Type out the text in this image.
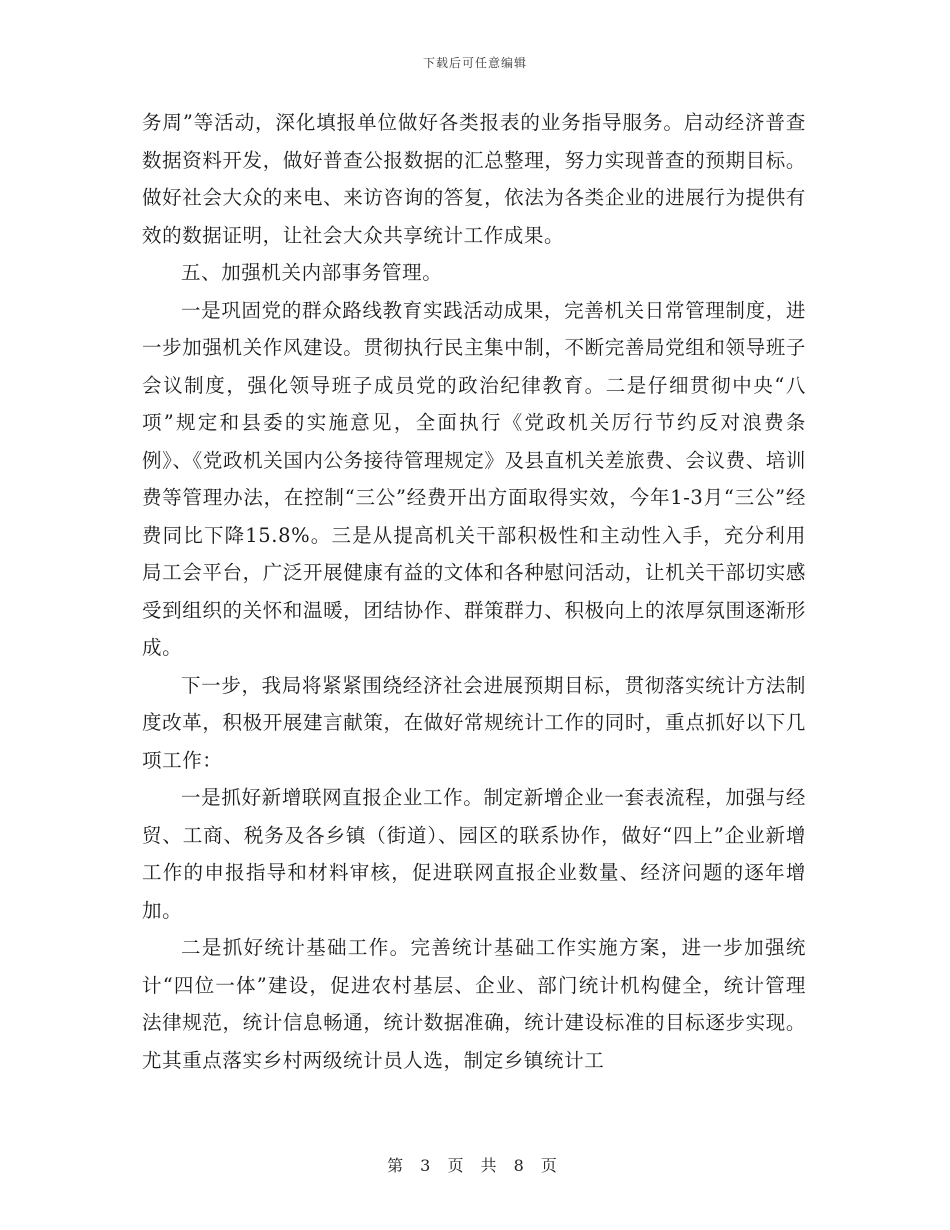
下载后可任意编辑

务周”等活动，深化填报单位做好各类报表的业务指导服务。启动经济普查数据资料开发，做好普查公报数据的汇总整理，努力实现普查的预期目标。做好社会大众的来电、来访咨询的答复，依法为各类企业的进展行为提供有效的数据证明，让社会大众共享统计工作成果。

五、加强机关内部事务管理。

一是巩固党的群众路线教育实践活动成果，完善机关日常管理制度，进一步加强机关作风建设。贯彻执行民主集中制，不断完善局党组和领导班子会议制度，强化领导班子成员党的政治纪律教育。二是仔细贯彻中央“八项”规定和县委的实施意见，全面执行《党政机关厉行节约反对浪费条例》、《党政机关国内公务接待管理规定》及县直机关差旅费、会议费、培训费等管理办法，在控制“三公”经费开出方面取得实效，今年1-3月“三公”经费同比下降15.8%。三是从提高机关干部积极性和主动性入手，充分利用局工会平台，广泛开展健康有益的文体和各种慰问活动，让机关干部切实感受到组织的关怀和温暖，团结协作、群策群力、积极向上的浓厚氛围逐渐形成。

下一步，我局将紧紧围绕经济社会进展预期目标，贯彻落实统计方法制度改革，积极开展建言献策，在做好常规统计工作的同时，重点抓好以下几项工作：

一是抓好新增联网直报企业工作。制定新增企业一套表流程，加强与经贸、工商、税务及各乡镇（街道）、园区的联系协作，做好“四上”企业新增工作的申报指导和材料审核，促进联网直报企业数量、经济问题的逐年增加。

二是抓好统计基础工作。完善统计基础工作实施方案，进一步加强统计“四位一体”建设，促进农村基层、企业、部门统计机构健全，统计管理法律规范，统计信息畅通，统计数据准确，统计建设标准的目标逐步实现。尤其重点落实乡村两级统计员人选，制定乡镇统计工

第 3 页 共 8 页
